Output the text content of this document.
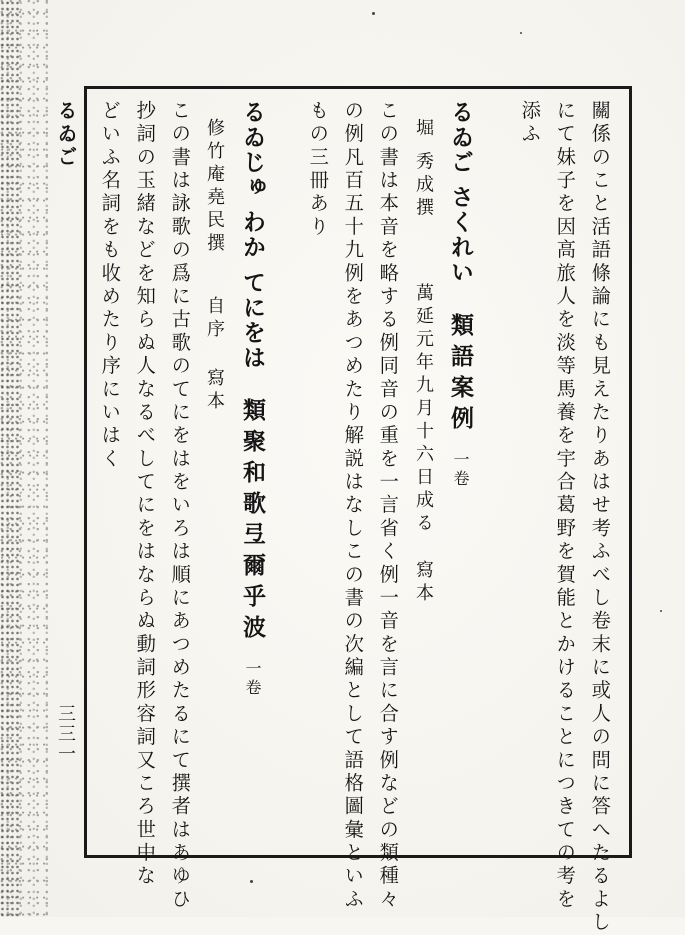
るゐご
三三一	關係のこと活語條論にも見えたりあはせ考ふべし卷末に或人の問に答へたるよし
にて妹子を因高旅人を淡等馬養を宇合葛野を賀能とかけることにつきての考を
添ふ
るゐご さくれい類語案例一卷
堀 秀成撰萬延元年九月十六日成る寫本
この書は本音を略する例同音の重を一言省く例一音を言に合す例などの類種々
の例凡百五十九例をあつめたり解説はなしこの書の次編として語格圖彙といふ
もの三冊あり
るゐじゅ わか てにをは類聚和歌弖爾乎波一卷
修竹庵堯民撰自序寫本
この書は詠歌の爲に古歌のてにをはをいろは順にあつめたるにて撰者はあゆひ
抄詞の玉緒などを知らぬ人なるべしてにをはならぬ動詞形容詞又ころ世中な
どいふ名詞をも收めたり序にいはく
